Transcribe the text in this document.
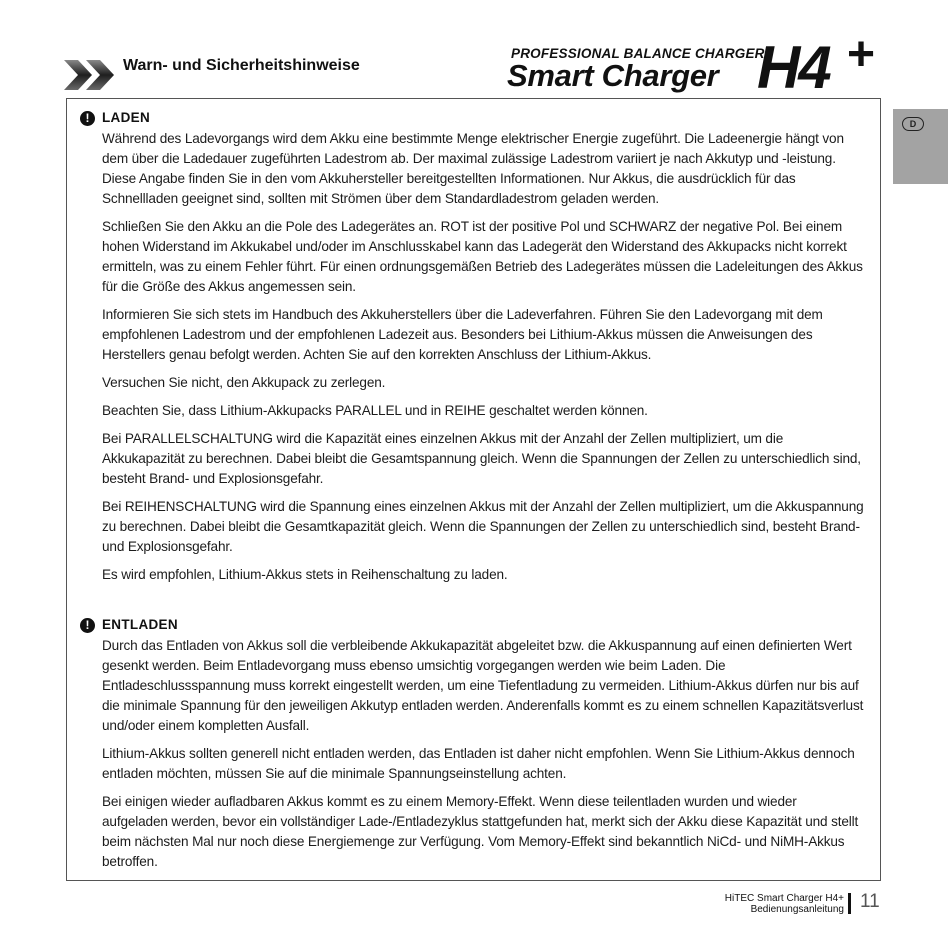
Warn- und Sicherheitshinweise
PROFESSIONAL BALANCE CHARGER
Smart Charger H4 +
D
! LADEN

Während des Ladevorgangs wird dem Akku eine bestimmte Menge elektrischer Energie zugeführt. Die Ladeenergie hängt von dem über die Ladedauer zugeführten Ladestrom ab. Der maximal zulässige Ladestrom variiert je nach Akkutyp und -leistung. Diese Angabe finden Sie in den vom Akkuhersteller bereitgestellten Informationen. Nur Akkus, die ausdrücklich für das Schnellladen geeignet sind, sollten mit Strömen über dem Standardladestrom geladen werden.

Schließen Sie den Akku an die Pole des Ladegerätes an. ROT ist der positive Pol und SCHWARZ der negative Pol. Bei einem hohen Widerstand im Akkukabel und/oder im Anschlusskabel kann das Ladegerät den Widerstand des Akkupacks nicht korrekt ermitteln, was zu einem Fehler führt. Für einen ordnungsgemäßen Betrieb des Ladegerätes müssen die Ladeleitungen des Akkus für die Größe des Akkus angemessen sein.

Informieren Sie sich stets im Handbuch des Akkuherstellers über die Ladeverfahren. Führen Sie den Ladevorgang mit dem empfohlenen Ladestrom und der empfohlenen Ladezeit aus. Besonders bei Lithium-Akkus müssen die Anweisungen des Herstellers genau befolgt werden. Achten Sie auf den korrekten Anschluss der Lithium-Akkus.

Versuchen Sie nicht, den Akkupack zu zerlegen.

Beachten Sie, dass Lithium-Akkupacks PARALLEL und in REIHE geschaltet werden können.

Bei PARALLELSCHALTUNG wird die Kapazität eines einzelnen Akkus mit der Anzahl der Zellen multipliziert, um die Akkukapazität zu berechnen. Dabei bleibt die Gesamtspannung gleich. Wenn die Spannungen der Zellen zu unterschiedlich sind, besteht Brand- und Explosionsgefahr.

Bei REIHENSCHALTUNG wird die Spannung eines einzelnen Akkus mit der Anzahl der Zellen multipliziert, um die Akkuspannung zu berechnen. Dabei bleibt die Gesamtkapazität gleich. Wenn die Spannungen der Zellen zu unterschiedlich sind, besteht Brand- und Explosionsgefahr.

Es wird empfohlen, Lithium-Akkus stets in Reihenschaltung zu laden.

! ENTLADEN

Durch das Entladen von Akkus soll die verbleibende Akkukapazität abgeleitet bzw. die Akkuspannung auf einen definierten Wert gesenkt werden. Beim Entladevorgang muss ebenso umsichtig vorgegangen werden wie beim Laden. Die Entladeschlussspannung muss korrekt eingestellt werden, um eine Tiefentladung zu vermeiden. Lithium-Akkus dürfen nur bis auf die minimale Spannung für den jeweiligen Akkutyp entladen werden. Anderenfalls kommt es zu einem schnellen Kapazitätsverlust und/oder einem kompletten Ausfall.

Lithium-Akkus sollten generell nicht entladen werden, das Entladen ist daher nicht empfohlen. Wenn Sie Lithium-Akkus dennoch entladen möchten, müssen Sie auf die minimale Spannungseinstellung achten.

Bei einigen wieder aufladbaren Akkus kommt es zu einem Memory-Effekt. Wenn diese teilentladen wurden und wieder aufgeladen werden, bevor ein vollständiger Lade-/Entladezyklus stattgefunden hat, merkt sich der Akku diese Kapazität und stellt beim nächsten Mal nur noch diese Energiemenge zur Verfügung. Vom Memory-Effekt sind bekanntlich NiCd- und NiMH-Akkus betroffen.

HiTEC Smart Charger H4+
Bedienungsanleitung 11
